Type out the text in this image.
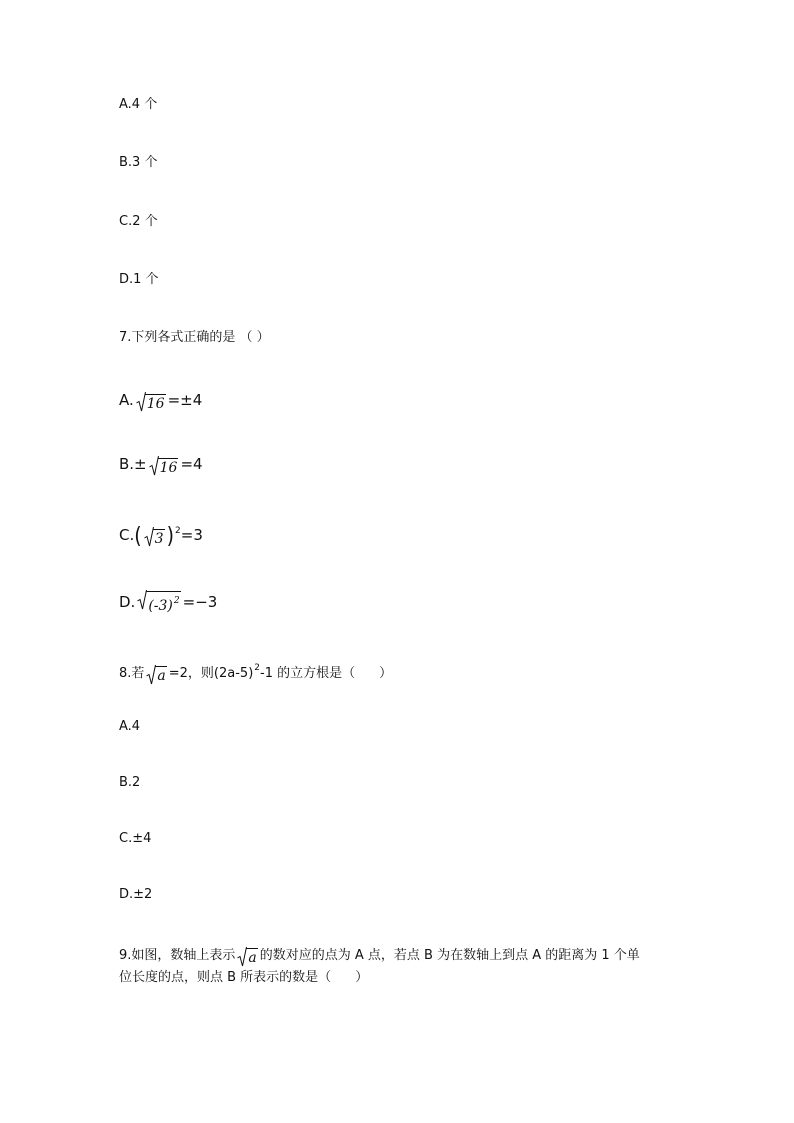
A.4 个

B.3 个

C.2 个

D.1 个

7.下列各式正确的是 （ ）

A. 16 =±4

B.± 16 =4

C.( 3 )$^2$=3

D. $(-3)^2 =-3$

8.若 a =2，则$(2a-5)^2-1$ 的立方根是（ ）

A.4

B.2

C.±4

D.±2

9.如图，数轴上表示 a 的数对应的点为 A 点，若点 B 为在数轴上到点 A 的距离为 1 个单

位长度的点，则点 B 所表示的数是（ ）
